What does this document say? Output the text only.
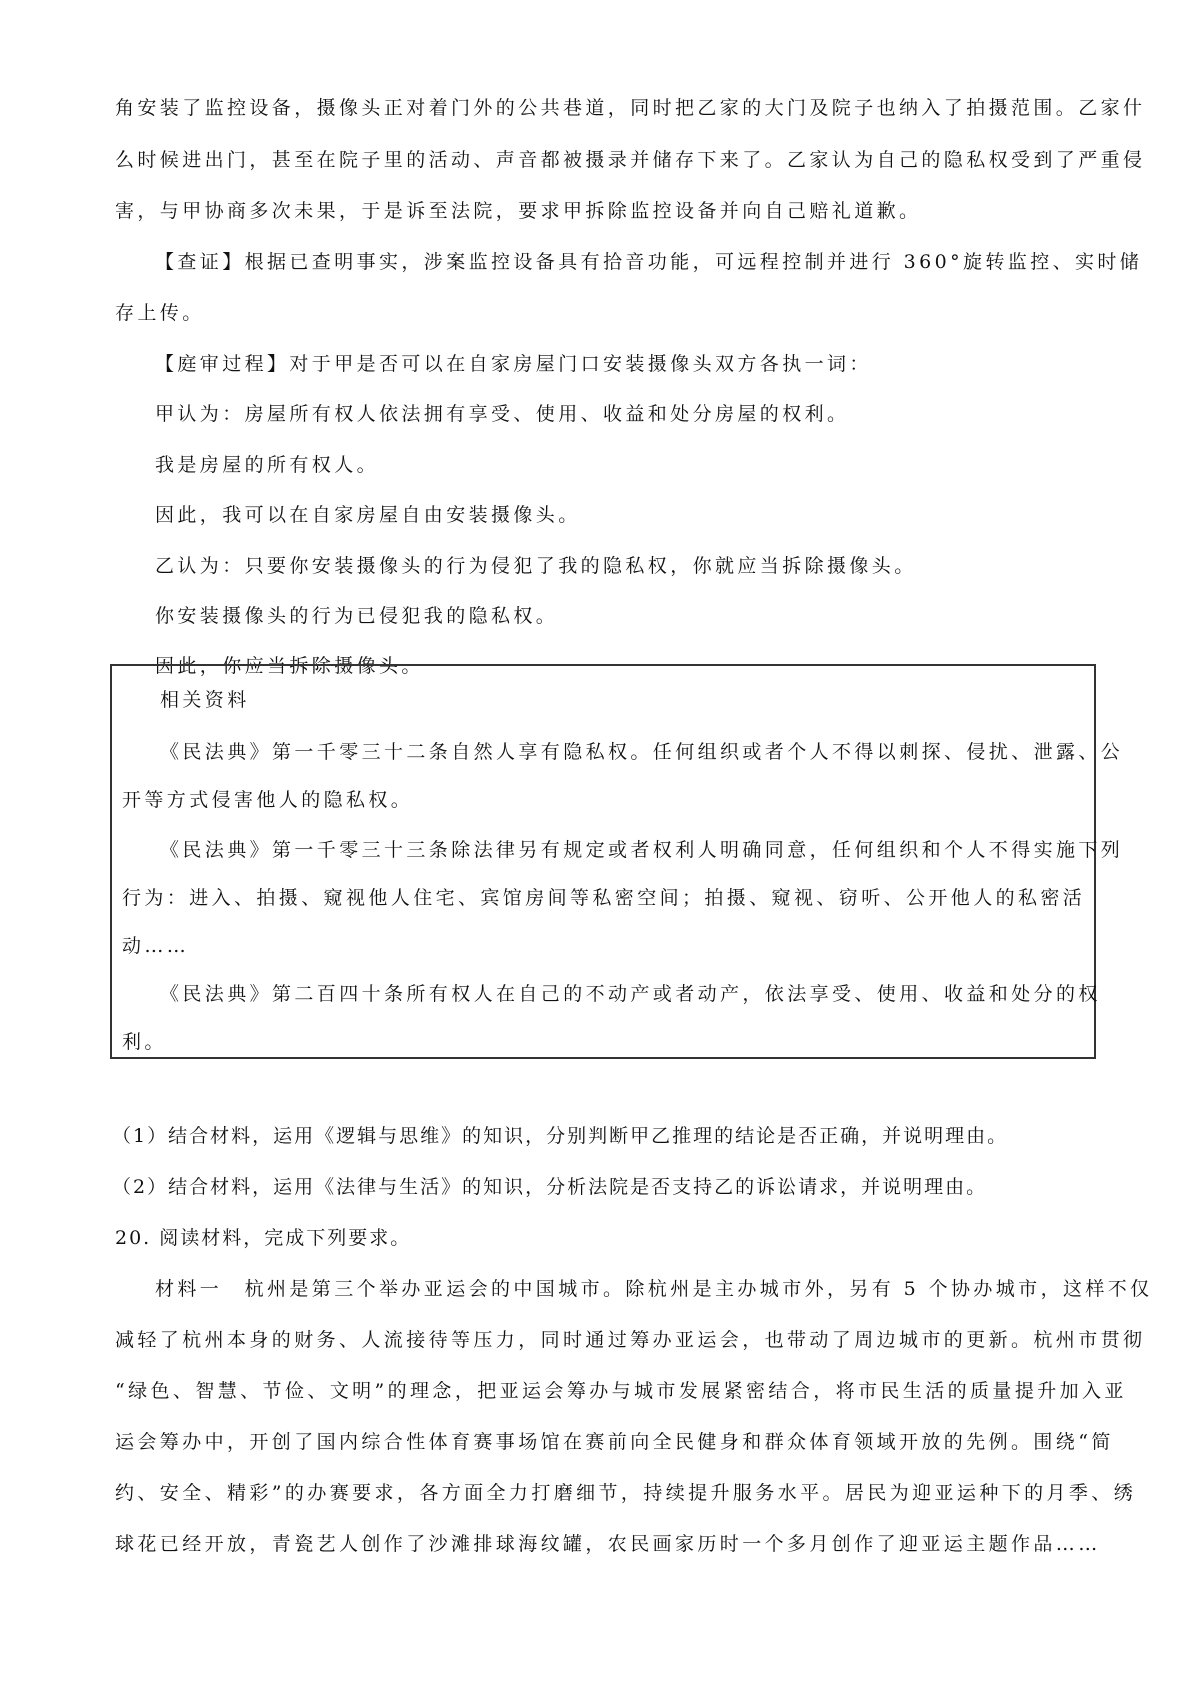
角安装了监控设备，摄像头正对着门外的公共巷道，同时把乙家的大门及院子也纳入了拍摄范围。乙家什
么时候进出门，甚至在院子里的活动、声音都被摄录并储存下来了。乙家认为自己的隐私权受到了严重侵
害，与甲协商多次未果，于是诉至法院，要求甲拆除监控设备并向自己赔礼道歉。
【查证】根据已查明事实，涉案监控设备具有拾音功能，可远程控制并进行 360°旋转监控、实时储
存上传。
【庭审过程】对于甲是否可以在自家房屋门口安装摄像头双方各执一词：
甲认为：房屋所有权人依法拥有享受、使用、收益和处分房屋的权利。
我是房屋的所有权人。
因此，我可以在自家房屋自由安装摄像头。
乙认为：只要你安装摄像头的行为侵犯了我的隐私权，你就应当拆除摄像头。
你安装摄像头的行为已侵犯我的隐私权。
因此，你应当拆除摄像头。
相关资料
《民法典》第一千零三十二条自然人享有隐私权。任何组织或者个人不得以刺探、侵扰、泄露、公
开等方式侵害他人的隐私权。
《民法典》第一千零三十三条除法律另有规定或者权利人明确同意，任何组织和个人不得实施下列
行为：进入、拍摄、窥视他人住宅、宾馆房间等私密空间；拍摄、窥视、窃听、公开他人的私密活
动……
《民法典》第二百四十条所有权人在自己的不动产或者动产，依法享受、使用、收益和处分的权
利。
（1）结合材料，运用《逻辑与思维》的知识，分别判断甲乙推理的结论是否正确，并说明理由。
（2）结合材料，运用《法律与生活》的知识，分析法院是否支持乙的诉讼请求，并说明理由。
20. 阅读材料，完成下列要求。
材料一　杭州是第三个举办亚运会的中国城市。除杭州是主办城市外，另有 5 个协办城市，这样不仅
减轻了杭州本身的财务、人流接待等压力，同时通过筹办亚运会，也带动了周边城市的更新。杭州市贯彻
“绿色、智慧、节俭、文明”的理念，把亚运会筹办与城市发展紧密结合，将市民生活的质量提升加入亚
运会筹办中，开创了国内综合性体育赛事场馆在赛前向全民健身和群众体育领域开放的先例。围绕“简
约、安全、精彩”的办赛要求，各方面全力打磨细节，持续提升服务水平。居民为迎亚运种下的月季、绣
球花已经开放，青瓷艺人创作了沙滩排球海纹罐，农民画家历时一个多月创作了迎亚运主题作品……
